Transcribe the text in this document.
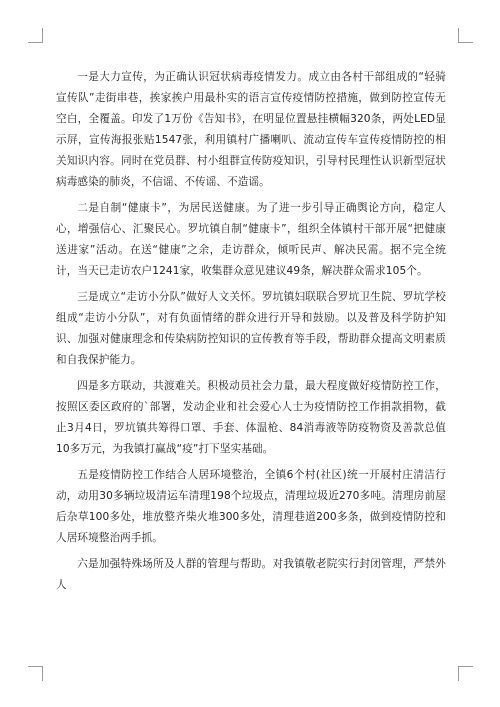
一是大力宣传，为正确认识冠状病毒疫情发力。成立由各村干部组成的“轻骑宣传队”走街串巷，挨家挨户用最朴实的语言宣传疫情防控措施，做到防控宣传无空白，全覆盖。印发了1万份《告知书》，在明显位置悬挂横幅320条，两处LED显示屏，宣传海报张贴1547张，利用镇村广播喇叭、流动宣传车宣传疫情防控的相关知识内容。同时在党员群、村小组群宣传防疫知识，引导村民理性认识新型冠状病毒感染的肺炎，不信谣、不传谣、不造谣。

二是自制“健康卡”，为居民送健康。为了进一步引导正确舆论方向，稳定人心，增强信心、汇聚民心。罗坑镇自制“健康卡”，组织全体镇村干部开展“把健康送进家”活动。在送“健康”之余，走访群众，倾听民声、解决民需。据不完全统计，当天已走访农户1241家，收集群众意见建议49条，解决群众需求105个。

三是成立“走访小分队”做好人文关怀。罗坑镇妇联联合罗坑卫生院、罗坑学校组成“走访小分队”，对有负面情绪的群众进行开导和鼓励。以及普及科学防护知识、加强对健康理念和传染病防控知识的宣传教育等手段，帮助群众提高文明素质和自我保护能力。

四是多方联动，共渡难关。积极动员社会力量，最大程度做好疫情防控工作，按照区委区政府的`部署，发动企业和社会爱心人士为疫情防控工作捐款捐物，截止3月4日，罗坑镇共筹得口罩、手套、体温枪、84消毒液等防疫物资及善款总值10多万元，为我镇打赢战“疫”打下坚实基础。

五是疫情防控工作结合人居环境整治，全镇6个村(社区)统一开展村庄清洁行动，动用30多辆垃圾清运车清理198个垃圾点，清理垃圾近270多吨。清理房前屋后杂草100多处，堆放整齐柴火堆300多处，清理巷道200多条，做到疫情防控和人居环境整治两手抓。

六是加强特殊场所及人群的管理与帮助。对我镇敬老院实行封闭管理，严禁外人
